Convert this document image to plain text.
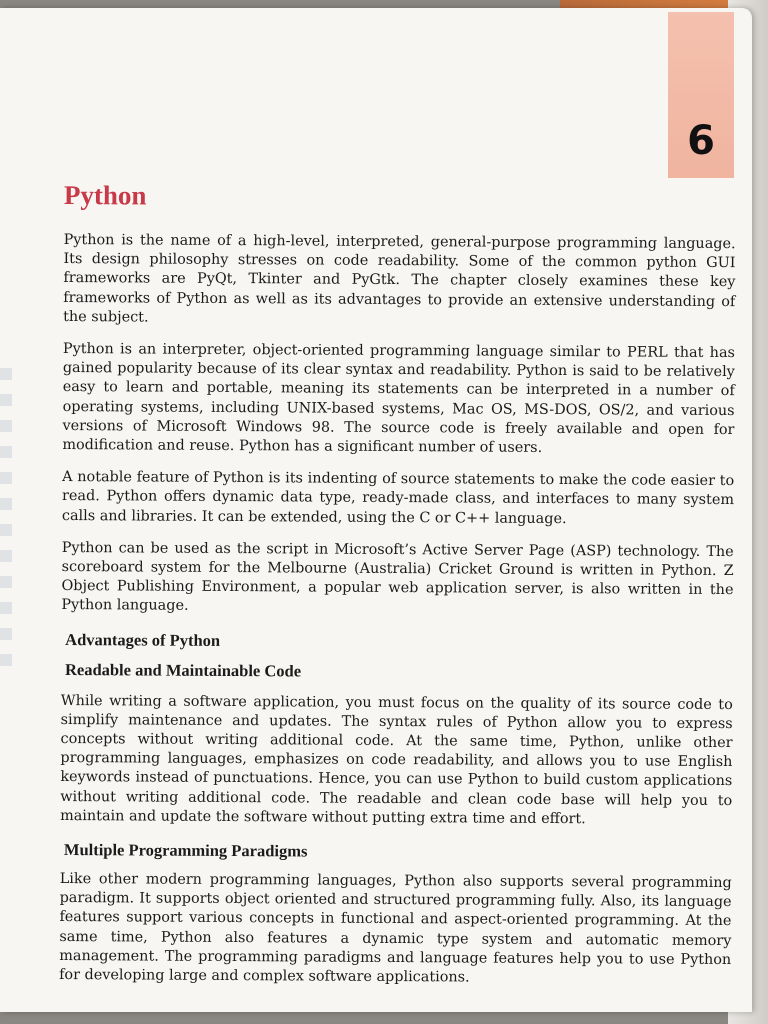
6
Python

Python is the name of a high-level, interpreted, general-purpose programming language. Its design philosophy stresses on code readability. Some of the common python GUI frameworks are PyQt, Tkinter and PyGtk. The chapter closely examines these key frameworks of Python as well as its advantages to provide an extensive understanding of the subject.

Python is an interpreter, object-oriented programming language similar to PERL that has gained popularity because of its clear syntax and readability. Python is said to be relatively easy to learn and portable, meaning its statements can be interpreted in a number of operating systems, including UNIX-based systems, Mac OS, MS-DOS, OS/2, and various versions of Microsoft Windows 98. The source code is freely available and open for modification and reuse. Python has a significant number of users.

A notable feature of Python is its indenting of source statements to make the code easier to read. Python offers dynamic data type, ready-made class, and interfaces to many system calls and libraries. It can be extended, using the C or C++ language.

Python can be used as the script in Microsoft’s Active Server Page (ASP) technology. The scoreboard system for the Melbourne (Australia) Cricket Ground is written in Python. Z Object Publishing Environment, a popular web application server, is also written in the Python language.

Advantages of Python
Readable and Maintainable Code

While writing a software application, you must focus on the quality of its source code to simplify maintenance and updates. The syntax rules of Python allow you to express concepts without writing additional code. At the same time, Python, unlike other programming languages, emphasizes on code readability, and allows you to use English keywords instead of punctuations. Hence, you can use Python to build custom applications without writing additional code. The readable and clean code base will help you to maintain and update the software without putting extra time and effort.

Multiple Programming Paradigms

Like other modern programming languages, Python also supports several programming paradigm. It supports object oriented and structured programming fully. Also, its language features support various concepts in functional and aspect-oriented programming. At the same time, Python also features a dynamic type system and automatic memory management. The programming paradigms and language features help you to use Python for developing large and complex software applications.
